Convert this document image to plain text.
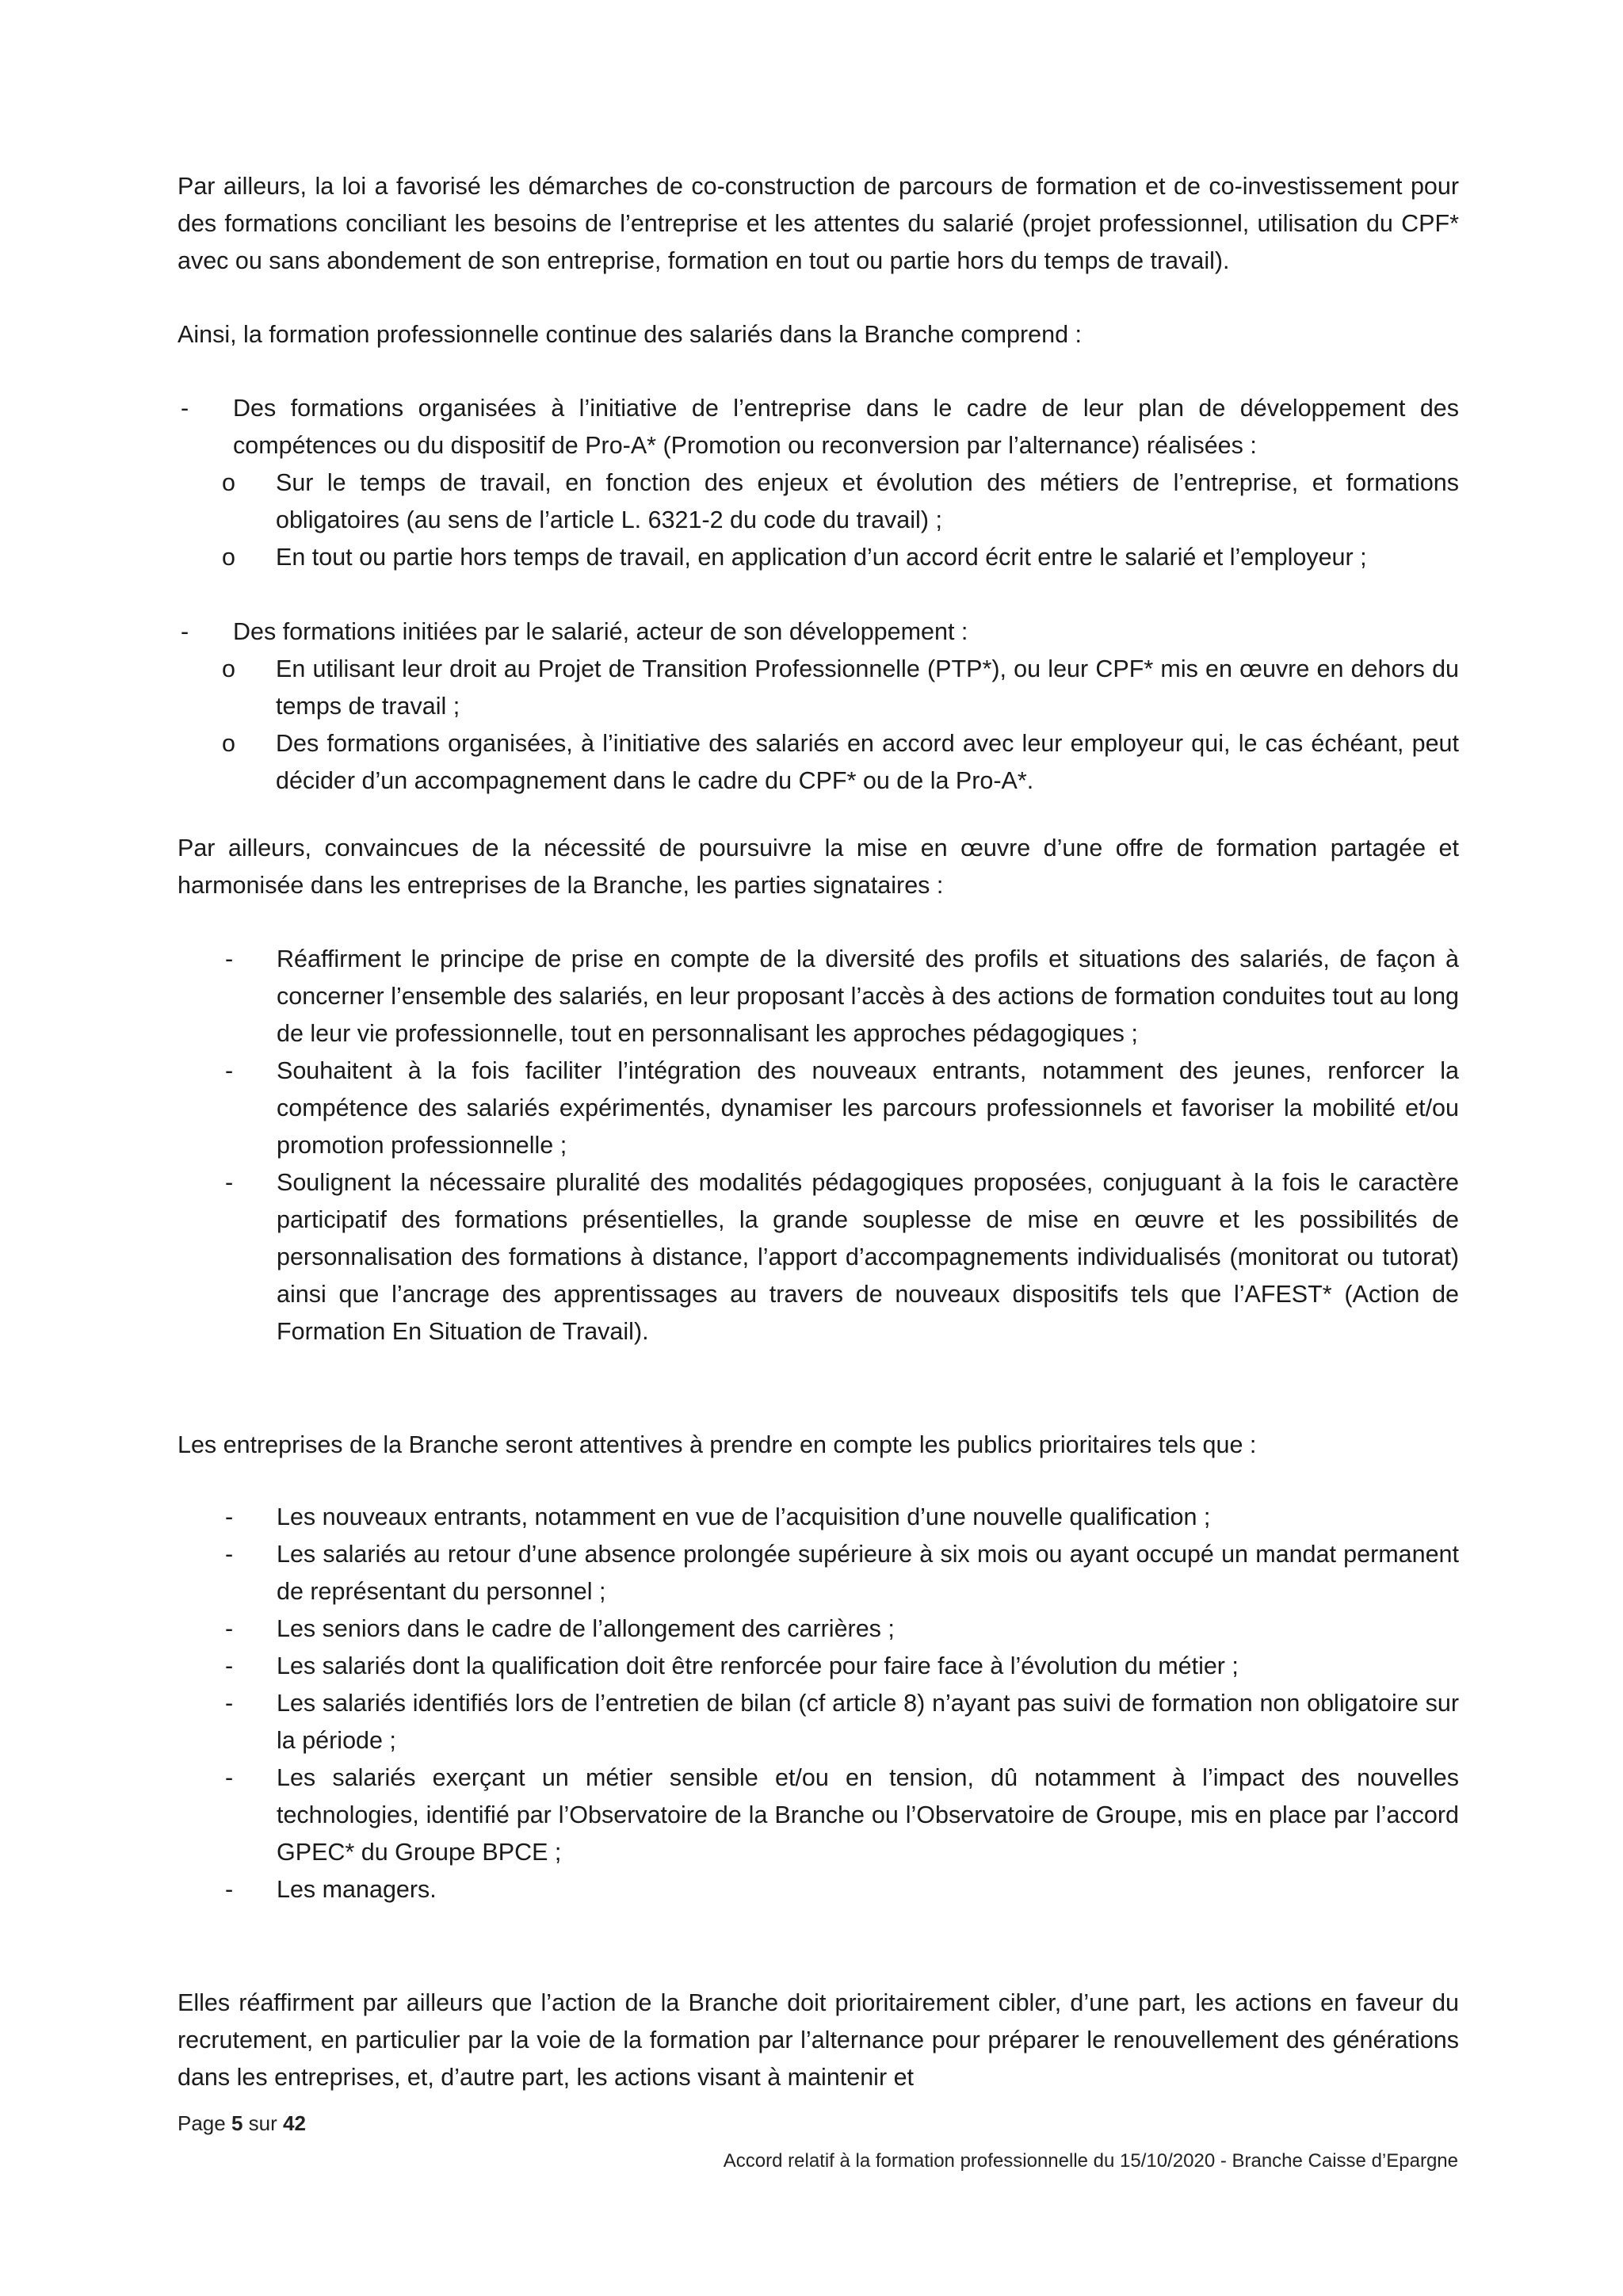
Par ailleurs, la loi a favorisé les démarches de co-construction de parcours de formation et de co-investissement pour des formations conciliant les besoins de l’entreprise et les attentes du salarié (projet professionnel, utilisation du CPF* avec ou sans abondement de son entreprise, formation en tout ou partie hors du temps de travail).

Ainsi, la formation professionnelle continue des salariés dans la Branche comprend :

- Des formations organisées à l’initiative de l’entreprise dans le cadre de leur plan de développement des compétences ou du dispositif de Pro-A* (Promotion ou reconversion par l’alternance) réalisées :
o Sur le temps de travail, en fonction des enjeux et évolution des métiers de l’entreprise, et formations obligatoires (au sens de l’article L. 6321-2 du code du travail) ;
o En tout ou partie hors temps de travail, en application d’un accord écrit entre le salarié et l’employeur ;
- Des formations initiées par le salarié, acteur de son développement :
o En utilisant leur droit au Projet de Transition Professionnelle (PTP*), ou leur CPF* mis en œuvre en dehors du temps de travail ;
o Des formations organisées, à l’initiative des salariés en accord avec leur employeur qui, le cas échéant, peut décider d’un accompagnement dans le cadre du CPF* ou de la Pro-A*.

Par ailleurs, convaincues de la nécessité de poursuivre la mise en œuvre d’une offre de formation partagée et harmonisée dans les entreprises de la Branche, les parties signataires :

- Réaffirment le principe de prise en compte de la diversité des profils et situations des salariés, de façon à concerner l’ensemble des salariés, en leur proposant l’accès à des actions de formation conduites tout au long de leur vie professionnelle, tout en personnalisant les approches pédagogiques ;
- Souhaitent à la fois faciliter l’intégration des nouveaux entrants, notamment des jeunes, renforcer la compétence des salariés expérimentés, dynamiser les parcours professionnels et favoriser la mobilité et/ou promotion professionnelle ;
- Soulignent la nécessaire pluralité des modalités pédagogiques proposées, conjuguant à la fois le caractère participatif des formations présentielles, la grande souplesse de mise en œuvre et les possibilités de personnalisation des formations à distance, l’apport d’accompagnements individualisés (monitorat ou tutorat) ainsi que l’ancrage des apprentissages au travers de nouveaux dispositifs tels que l’AFEST* (Action de Formation En Situation de Travail).

Les entreprises de la Branche seront attentives à prendre en compte les publics prioritaires tels que :

- Les nouveaux entrants, notamment en vue de l’acquisition d’une nouvelle qualification ;
- Les salariés au retour d’une absence prolongée supérieure à six mois ou ayant occupé un mandat permanent de représentant du personnel ;
- Les seniors dans le cadre de l’allongement des carrières ;
- Les salariés dont la qualification doit être renforcée pour faire face à l’évolution du métier ;
- Les salariés identifiés lors de l’entretien de bilan (cf article 8) n’ayant pas suivi de formation non obligatoire sur la période ;
- Les salariés exerçant un métier sensible et/ou en tension, dû notamment à l’impact des nouvelles technologies, identifié par l’Observatoire de la Branche ou l’Observatoire de Groupe, mis en place par l’accord GPEC* du Groupe BPCE ;
- Les managers.

Elles réaffirment par ailleurs que l’action de la Branche doit prioritairement cibler, d’une part, les actions en faveur du recrutement, en particulier par la voie de la formation par l’alternance pour préparer le renouvellement des générations dans les entreprises, et, d’autre part, les actions visant à maintenir et

Page 5 sur 42
Accord relatif à la formation professionnelle du 15/10/2020 - Branche Caisse d’Epargne
